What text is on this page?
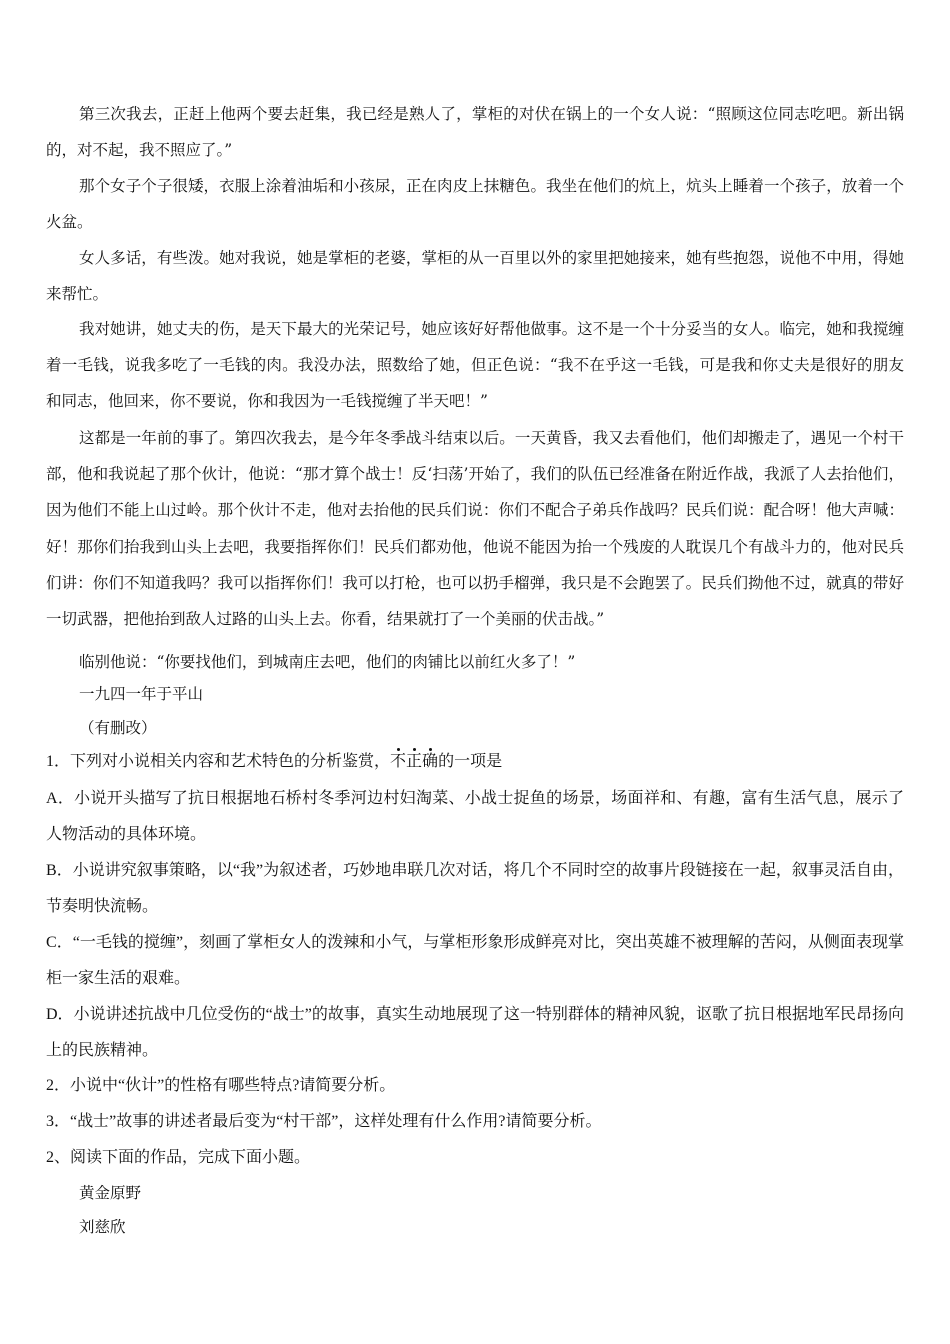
第三次我去，正赶上他两个要去赶集，我已经是熟人了，掌柜的对伏在锅上的一个女人说：“照顾这位同志吃吧。新出锅的，对不起，我不照应了。”

那个女子个子很矮，衣服上涂着油垢和小孩尿，正在肉皮上抹糖色。我坐在他们的炕上，炕头上睡着一个孩子，放着一个火盆。

女人多话，有些泼。她对我说，她是掌柜的老婆，掌柜的从一百里以外的家里把她接来，她有些抱怨，说他不中用，得她来帮忙。

我对她讲，她丈夫的伤，是天下最大的光荣记号，她应该好好帮他做事。这不是一个十分妥当的女人。临完，她和我搅缠着一毛钱，说我多吃了一毛钱的肉。我没办法，照数给了她，但正色说：“我不在乎这一毛钱，可是我和你丈夫是很好的朋友和同志，他回来，你不要说，你和我因为一毛钱搅缠了半天吧！”

这都是一年前的事了。第四次我去，是今年冬季战斗结束以后。一天黄昏，我又去看他们，他们却搬走了，遇见一个村干部，他和我说起了那个伙计，他说：“那才算个战士！反‘扫荡’开始了，我们的队伍已经准备在附近作战，我派了人去抬他们，因为他们不能上山过岭。那个伙计不走，他对去抬他的民兵们说：你们不配合子弟兵作战吗？民兵们说：配合呀！他大声喊：好！那你们抬我到山头上去吧，我要指挥你们！民兵们都劝他，他说不能因为抬一个残废的人耽误几个有战斗力的，他对民兵们讲：你们不知道我吗？我可以指挥你们！我可以打枪，也可以扔手榴弹，我只是不会跑罢了。民兵们拗他不过，就真的带好一切武器，把他抬到敌人过路的山头上去。你看，结果就打了一个美丽的伏击战。”

临别他说：“你要找他们，到城南庄去吧，他们的肉铺比以前红火多了！”

一九四一年于平山

（有删改）

1．下列对小说相关内容和艺术特色的分析鉴赏，不正确的一项是

A．小说开头描写了抗日根据地石桥村冬季河边村妇淘菜、小战士捉鱼的场景，场面祥和、有趣，富有生活气息，展示了人物活动的具体环境。

B．小说讲究叙事策略，以“我”为叙述者，巧妙地串联几次对话，将几个不同时空的故事片段链接在一起，叙事灵活自由，节奏明快流畅。

C．“一毛钱的搅缠”，刻画了掌柜女人的泼辣和小气，与掌柜形象形成鲜亮对比，突出英雄不被理解的苦闷，从侧面表现掌柜一家生活的艰难。

D．小说讲述抗战中几位受伤的“战士”的故事，真实生动地展现了这一特别群体的精神风貌，讴歌了抗日根据地军民昂扬向上的民族精神。

2．小说中“伙计”的性格有哪些特点?请简要分析。

3．“战士”故事的讲述者最后变为“村干部”，这样处理有什么作用?请简要分析。

2、阅读下面的作品，完成下面小题。

黄金原野

刘慈欣
